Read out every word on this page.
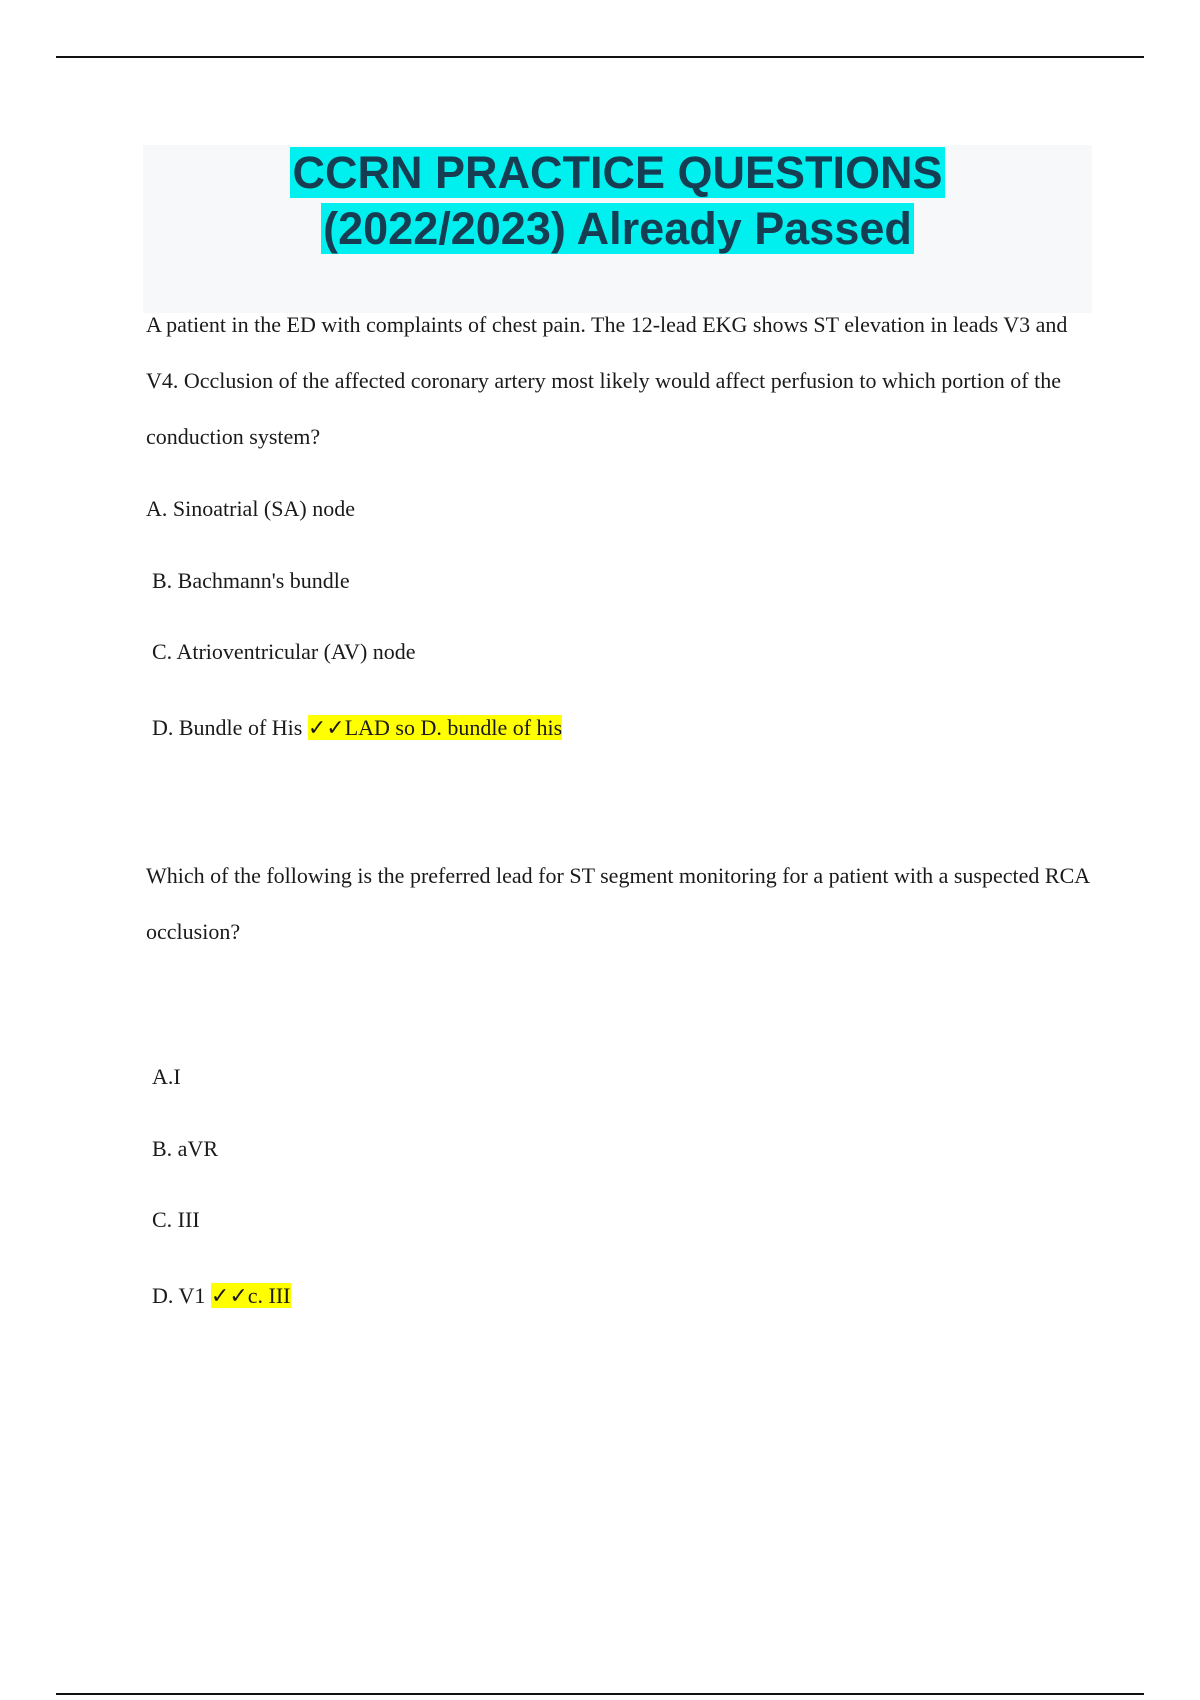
CCRN PRACTICE QUESTIONS
(2022/2023) Already Passed

A patient in the ED with complaints of chest pain. The 12-lead EKG shows ST elevation in leads V3 and V4. Occlusion of the affected coronary artery most likely would affect perfusion to which portion of the conduction system?

A. Sinoatrial (SA) node
B. Bachmann's bundle
C. Atrioventricular (AV) node
D. Bundle of His ✓✓LAD so D. bundle of his

Which of the following is the preferred lead for ST segment monitoring for a patient with a suspected RCA occlusion?

A.I
B. aVR
C. III
D. V1 ✓✓c. III
